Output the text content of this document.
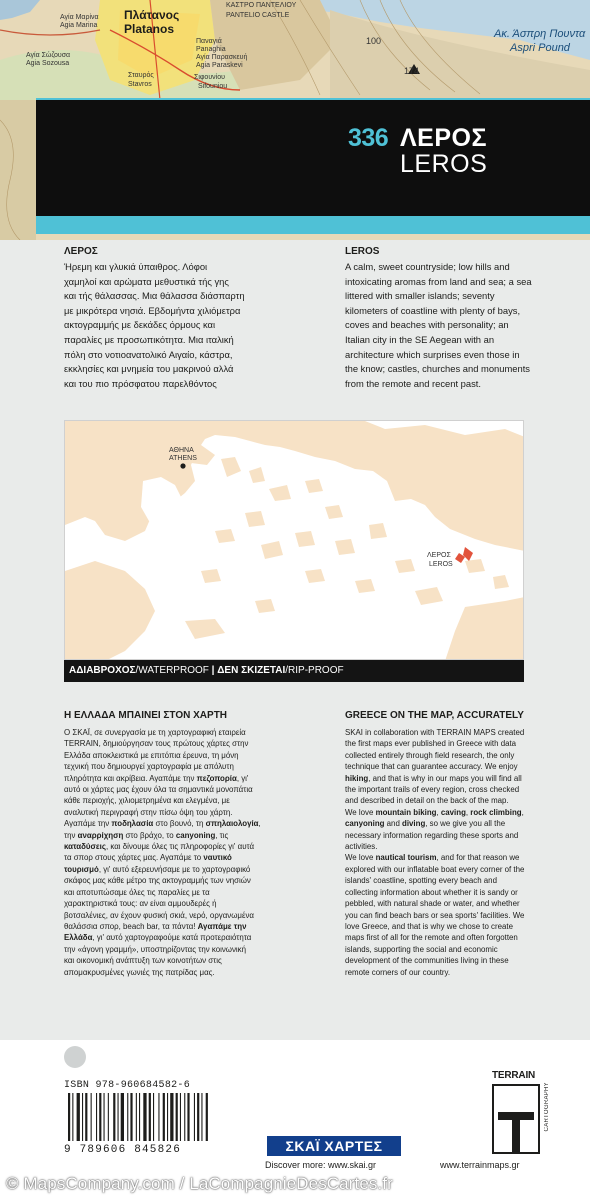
Πλάτανος
Platanos
ΚΑΣΤΡΟ ΠΑΝΤΕΛΙΟΥ
PANTELIO CASTLE
Ακ. Άσπρη Πουντα
Aspri Pound
174
100
Σταυρός
Stavros
Σιφουνίου
Sifouniou
Παναγιά
Panaghia
Αγία Παρασκευή
Agia Paraskevi
Αγία Μαρίνα
Agia Marina
Αγία Σώζουσα
Agia Sozousa
336 ΛΕΡΟΣ
LEROS
ΛΕΡΟΣ
Ήρεμη και γλυκιά ύπαιθρος. Λόφοι
χαμηλοί και αρώματα μεθυστικά τής γης
και τής θάλασσας. Μια θάλασσα διάσπαρτη
με μικρότερα νησιά. Εβδομήντα χιλιόμετρα
ακτογραμμής με δεκάδες όρμους και
παραλίες με προσωπικότητα. Μια ιταλική
πόλη στο νοτιοανατολικό Αιγαίο, κάστρα,
εκκλησίες και μνημεία του μακρινού αλλά
και του πιο πρόσφατου παρελθόντος
LEROS
A calm, sweet countryside; low hills and
intoxicating aromas from land and sea; a sea
littered with smaller islands; seventy
kilometers of coastline with plenty of bays,
coves and beaches with personality; an
Italian city in the SE Aegean with an
architecture which surprises even those in
the know; castles, churches and monuments
from the remote and recent past.
ΑΘΗΝΑ
ATHENS
ΛΕΡΟΣ
LEROS
ΑΔΙΑΒΡΟΧΟΣ/WATERPROOF | ΔΕΝ ΣΚΙΖΕΤΑΙ/RIP-PROOF
Η ΕΛΛΑΔΑ ΜΠΑΙΝΕΙ ΣΤΟΝ ΧΑΡΤΗ
Ο ΣΚΑΪ, σε συνεργασία με τη χαρτογραφική εταιρεία
TERRAIN, δημιούργησαν τους πρώτους χάρτες στην
Ελλάδα αποκλειστικά με επιτόπια έρευνα, τη μόνη
τεχνική που δημιουργεί χαρτογραφία με απόλυτη
πληρότητα και ακρίβεια. Αγαπάμε την πεζοπορία, γι'
αυτό οι χάρτες μας έχουν όλα τα σημαντικά μονοπάτια
κάθε περιοχής, χιλιομετρημένα και ελεγμένα, με
αναλυτική περιγραφή στην πίσω όψη του χάρτη.
Αγαπάμε την ποδηλασία στο βουνό, τη σπηλαιολογία,
την αναρρίχηση στο βράχο, το canyoning, τις
καταδύσεις, και δίνουμε όλες τις πληροφορίες γι' αυτά
τα σπορ στους χάρτες μας. Αγαπάμε το ναυτικό
τουρισμό, γι' αυτό εξερευνήσαμε με το χαρτογραφικό
σκάφος μας κάθε μέτρο της ακτογραμμής των νησιών
και αποτυπώσαμε όλες τις παραλίες με τα
χαρακτηριστικά τους: αν είναι αμμουδερές ή
βοτσαλένιες, αν έχουν φυσική σκιά, νερό, οργανωμένα
θαλάσσια σπορ, beach bar, τα πάντα! Αγαπάμε την
Ελλάδα, γι' αυτό χαρτογραφούμε κατά προτεραιότητα
την «άγονη γραμμή», υποστηρίζοντας την κοινωνική
και οικονομική ανάπτυξη των κοινοτήτων στις
απομακρυσμένες γωνιές της πατρίδας μας.
GREECE ON THE MAP, ACCURATELY
SKAI in collaboration with TERRAIN MAPS created
the first maps ever published in Greece with data
collected entirely through field research, the only
technique that can guarantee accuracy. We enjoy
hiking, and that is why in our maps you will find all
the important trails of every region, cross checked
and described in detail on the back of the map.
We love mountain biking, caving, rock climbing,
canyoning and diving, so we give you all the
necessary information regarding these sports and
activities.
We love nautical tourism, and for that reason we
explored with our inflatable boat every corner of the
islands' coastline, spotting every beach and
collecting information about whether it is sandy or
pebbled, with natural shade or water, and whether
you can find beach bars or sea sports' facilities. We
love Greece, and that is why we chose to create
maps first of all for the remote and often forgotten
islands, supporting the social and economic
development of the communities living in these
remote corners of our country.
ISBN 978-960684582-6
9 789606 845826
TERRAIN
CARTOGRAPHY
www.terrainmaps.gr
ΣΚΑΪ ΧΑΡΤΕΣ
Discover more: www.skai.gr
© MapsCompany.com / LaCompagnieDesCartes.fr
